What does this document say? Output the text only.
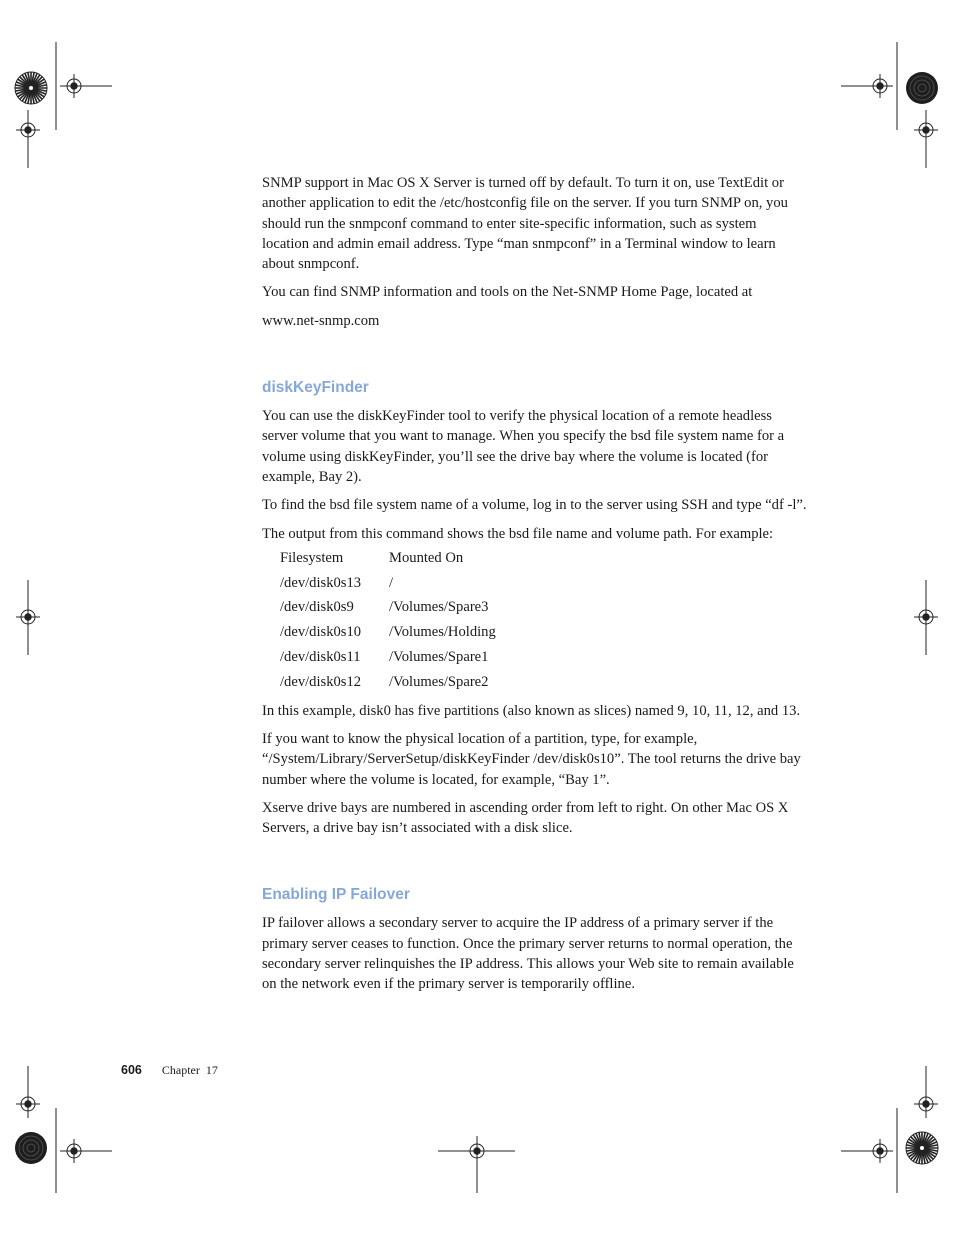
SNMP support in Mac OS X Server is turned off by default. To turn it on, use TextEdit or another application to edit the /etc/hostconfig file on the server. If you turn SNMP on, you should run the snmpconf command to enter site-specific information, such as system location and admin email address. Type “man snmpconf” in a Terminal window to learn about snmpconf.

You can find SNMP information and tools on the Net-SNMP Home Page, located at

www.net-snmp.com

diskKeyFinder

You can use the diskKeyFinder tool to verify the physical location of a remote headless server volume that you want to manage. When you specify the bsd file system name for a volume using diskKeyFinder, you’ll see the drive bay where the volume is located (for example, Bay 2).

To find the bsd file system name of a volume, log in to the server using SSH and type “df -l”.

The output from this command shows the bsd file name and volume path. For example:

Filesystem	Mounted On
/dev/disk0s13	/
/dev/disk0s9	/Volumes/Spare3
/dev/disk0s10	/Volumes/Holding
/dev/disk0s11	/Volumes/Spare1
/dev/disk0s12	/Volumes/Spare2

In this example, disk0 has five partitions (also known as slices) named 9, 10, 11, 12, and 13.

If you want to know the physical location of a partition, type, for example, “/System/Library/ServerSetup/diskKeyFinder /dev/disk0s10”. The tool returns the drive bay number where the volume is located, for example, “Bay 1”.

Xserve drive bays are numbered in ascending order from left to right. On other Mac OS X Servers, a drive bay isn’t associated with a disk slice.

Enabling IP Failover

IP failover allows a secondary server to acquire the IP address of a primary server if the primary server ceases to function. Once the primary server returns to normal operation, the secondary server relinquishes the IP address. This allows your Web site to remain available on the network even if the primary server is temporarily offline.

606 Chapter  17
